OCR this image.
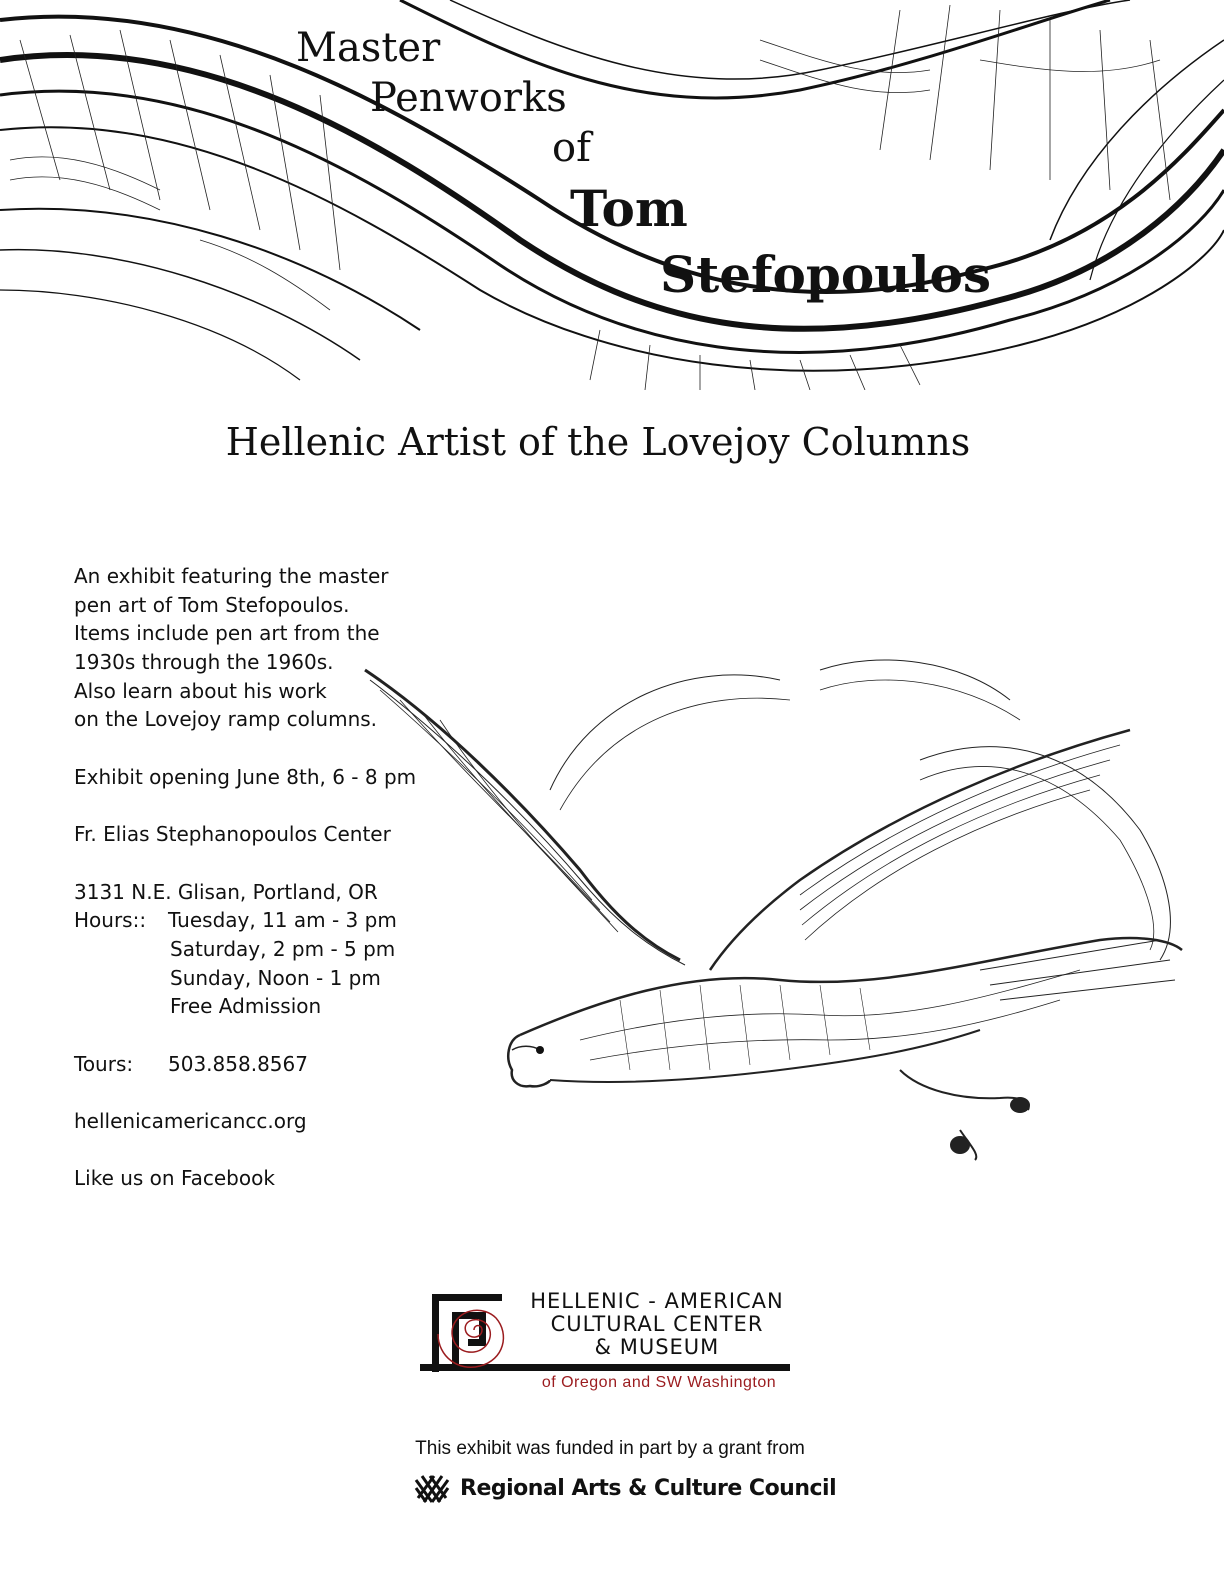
Master
Penworks
of
Tom
Stefopoulos
Hellenic Artist of the Lovejoy Columns
An exhibit featuring the master
pen art of Tom Stefopoulos.
Items include pen art from the
1930s through the 1960s.
Also learn about his work
on the Lovejoy ramp columns.
Exhibit opening June 8th, 6 - 8 pm
Fr. Elias Stephanopoulos Center
3131 N.E. Glisan, Portland, OR
Hours:: Tuesday, 11 am - 3 pm
Saturday, 2 pm - 5 pm
Sunday, Noon - 1 pm
Free Admission
Tours: 503.858.8567
hellenicamericancc.org
Like us on Facebook
HELLENIC - AMERICAN
CULTURAL CENTER
& MUSEUM
of Oregon and SW Washington
This exhibit was funded in part by a grant from
Regional Arts & Culture Council
